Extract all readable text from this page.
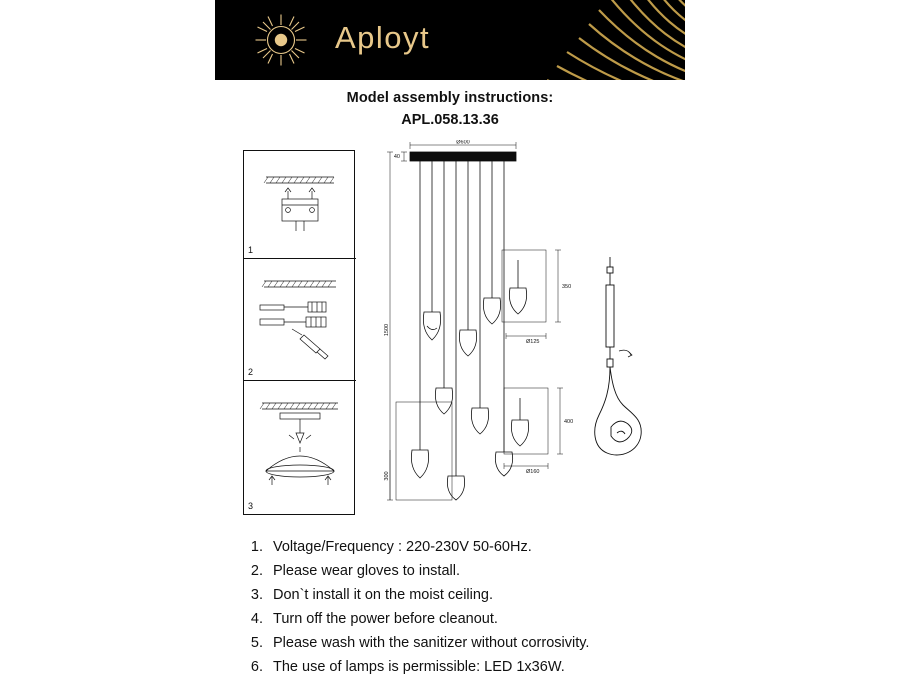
Aployt
Model assembly instructions:
APL.058.13.36
1
2
3
Ø600
40
1500
350
Ø125
400
Ø160
300
1. Voltage/Frequency : 220-230V 50-60Hz.
2. Please wear gloves to install.
3. Don`t install it on the moist ceiling.
4. Turn off the power before cleanout.
5. Please wash with the sanitizer without corrosivity.
6. The use of lamps is permissible: LED 1x36W.
